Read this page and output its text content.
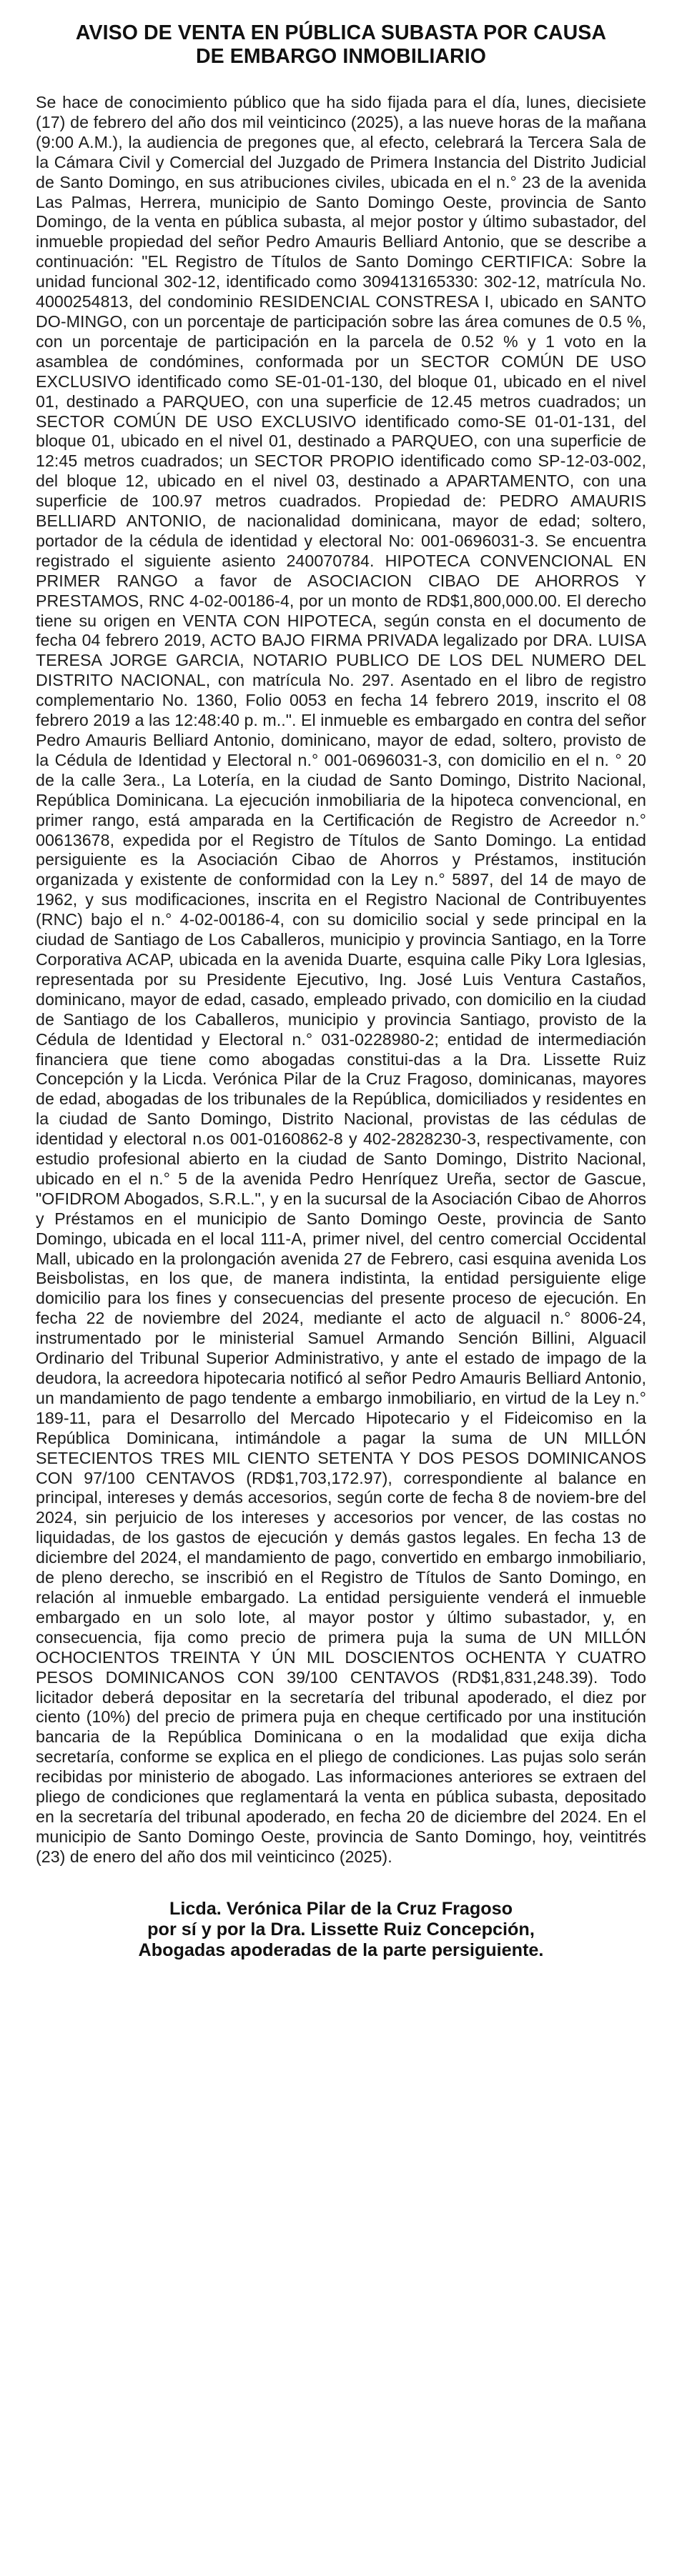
AVISO DE VENTA EN PÚBLICA SUBASTA POR CAUSA
DE EMBARGO INMOBILIARIO

Se hace de conocimiento público que ha sido fijada para el día, lunes, diecisiete (17) de febrero del año dos mil veinticinco (2025), a las nueve horas de la mañana (9:00 A.M.), la audiencia de pregones que, al efecto, celebrará la Tercera Sala de la Cámara Civil y Comercial del Juzgado de Primera Instancia del Distrito Judicial de Santo Domingo, en sus atribuciones civiles, ubicada en el n.° 23 de la avenida Las Palmas, Herrera, municipio de Santo Domingo Oeste, provincia de Santo Domingo, de la venta en pública subasta, al mejor postor y último subastador, del inmueble propiedad del señor Pedro Amauris Belliard Antonio, que se describe a continuación: "EL Registro de Títulos de Santo Domingo CERTIFICA: Sobre la unidad funcional 302-12, identificado como 309413165330: 302-12, matrícula No. 4000254813, del condominio RESIDENCIAL CONSTRESA I, ubicado en SANTO DO-MINGO, con un porcentaje de participación sobre las área comunes de 0.5 %, con un porcentaje de participación en la parcela de 0.52 % y 1 voto en la asamblea de condómines, conformada por un SECTOR COMÚN DE USO EXCLUSIVO identificado como SE-01-01-130, del bloque 01, ubicado en el nivel 01, destinado a PARQUEO, con una superficie de 12.45 metros cuadrados; un SECTOR COMÚN DE USO EXCLUSIVO identificado como-SE 01-01-131, del bloque 01, ubicado en el nivel 01, destinado a PARQUEO, con una superficie de 12:45 metros cuadrados; un SECTOR PROPIO identificado como SP-12-03-002, del bloque 12, ubicado en el nivel 03, destinado a APARTAMENTO, con una superficie de 100.97 metros cuadrados. Propiedad de: PEDRO AMAURIS BELLIARD ANTONIO, de nacionalidad dominicana, mayor de edad; soltero, portador de la cédula de identidad y electoral No: 001-0696031-3. Se encuentra registrado el siguiente asiento 240070784. HIPOTECA CONVENCIONAL EN PRIMER RANGO a favor de ASOCIACION CIBAO DE AHORROS Y PRESTAMOS, RNC 4-02-00186-4, por un monto de RD$1,800,000.00. El derecho tiene su origen en VENTA CON HIPOTECA, según consta en el documento de fecha 04 febrero 2019, ACTO BAJO FIRMA PRIVADA legalizado por DRA. LUISA TERESA JORGE GARCIA, NOTARIO PUBLICO DE LOS DEL NUMERO DEL DISTRITO NACIONAL, con matrícula No. 297. Asentado en el libro de registro complementario No. 1360, Folio 0053 en fecha 14 febrero 2019, inscrito el 08 febrero 2019 a las 12:48:40 p. m..". El inmueble es embargado en contra del señor Pedro Amauris Belliard Antonio, dominicano, mayor de edad, soltero, provisto de la Cédula de Identidad y Electoral n.° 001-0696031-3, con domicilio en el n. ° 20 de la calle 3era., La Lotería, en la ciudad de Santo Domingo, Distrito Nacional, República Dominicana. La ejecución inmobiliaria de la hipoteca convencional, en primer rango, está amparada en la Certificación de Registro de Acreedor n.° 00613678, expedida por el Registro de Títulos de Santo Domingo. La entidad persiguiente es la Asociación Cibao de Ahorros y Préstamos, institución organizada y existente de conformidad con la Ley n.° 5897, del 14 de mayo de 1962, y sus modificaciones, inscrita en el Registro Nacional de Contribuyentes (RNC) bajo el n.° 4-02-00186-4, con su domicilio social y sede principal en la ciudad de Santiago de Los Caballeros, municipio y provincia Santiago, en la Torre Corporativa ACAP, ubicada en la avenida Duarte, esquina calle Piky Lora Iglesias, representada por su Presidente Ejecutivo, Ing. José Luis Ventura Castaños, dominicano, mayor de edad, casado, empleado privado, con domicilio en la ciudad de Santiago de los Caballeros, municipio y provincia Santiago, provisto de la Cédula de Identidad y Electoral n.° 031-0228980-2; entidad de intermediación financiera que tiene como abogadas constitui-das a la Dra. Lissette Ruiz Concepción y la Licda. Verónica Pilar de la Cruz Fragoso, dominicanas, mayores de edad, abogadas de los tribunales de la República, domiciliados y residentes en la ciudad de Santo Domingo, Distrito Nacional, provistas de las cédulas de identidad y electoral n.os 001-0160862-8 y 402-2828230-3, respectivamente, con estudio profesional abierto en la ciudad de Santo Domingo, Distrito Nacional, ubicado en el n.° 5 de la avenida Pedro Henríquez Ureña, sector de Gascue, "OFIDROM Abogados, S.R.L.", y en la sucursal de la Asociación Cibao de Ahorros y Préstamos en el municipio de Santo Domingo Oeste, provincia de Santo Domingo, ubicada en el local 111-A, primer nivel, del centro comercial Occidental Mall, ubicado en la prolongación avenida 27 de Febrero, casi esquina avenida Los Beisbolistas, en los que, de manera indistinta, la entidad persiguiente elige domicilio para los fines y consecuencias del presente proceso de ejecución. En fecha 22 de noviembre del 2024, mediante el acto de alguacil n.° 8006-24, instrumentado por le ministerial Samuel Armando Sención Billini, Alguacil Ordinario del Tribunal Superior Administrativo, y ante el estado de impago de la deudora, la acreedora hipotecaria notificó al señor Pedro Amauris Belliard Antonio, un mandamiento de pago tendente a embargo inmobiliario, en virtud de la Ley n.° 189-11, para el Desarrollo del Mercado Hipotecario y el Fideicomiso en la República Dominicana, intimándole a pagar la suma de UN MILLÓN SETECIENTOS TRES MIL CIENTO SETENTA Y DOS PESOS DOMINICANOS CON 97/100 CENTAVOS (RD$1,703,172.97), correspondiente al balance en principal, intereses y demás accesorios, según corte de fecha 8 de noviem-bre del 2024, sin perjuicio de los intereses y accesorios por vencer, de las costas no liquidadas, de los gastos de ejecución y demás gastos legales. En fecha 13 de diciembre del 2024, el mandamiento de pago, convertido en embargo inmobiliario, de pleno derecho, se inscribió en el Registro de Títulos de Santo Domingo, en relación al inmueble embargado. La entidad persiguiente venderá el inmueble embargado en un solo lote, al mayor postor y último subastador, y, en consecuencia, fija como precio de primera puja la suma de UN MILLÓN OCHOCIENTOS TREINTA Y ÚN MIL DOSCIENTOS OCHENTA Y CUATRO PESOS DOMINICANOS CON 39/100 CENTAVOS (RD$1,831,248.39). Todo licitador deberá depositar en la secretaría del tribunal apoderado, el diez por ciento (10%) del precio de primera puja en cheque certificado por una institución bancaria de la República Dominicana o en la modalidad que exija dicha secretaría, conforme se explica en el pliego de condiciones. Las pujas solo serán recibidas por ministerio de abogado. Las informaciones anteriores se extraen del pliego de condiciones que reglamentará la venta en pública subasta, depositado en la secretaría del tribunal apoderado, en fecha 20 de diciembre del 2024. En el municipio de Santo Domingo Oeste, provincia de Santo Domingo, hoy, veintitrés (23) de enero del año dos mil veinticinco (2025).

Licda. Verónica Pilar de la Cruz Fragoso
por sí y por la Dra. Lissette Ruiz Concepción,
Abogadas apoderadas de la parte persiguiente.
